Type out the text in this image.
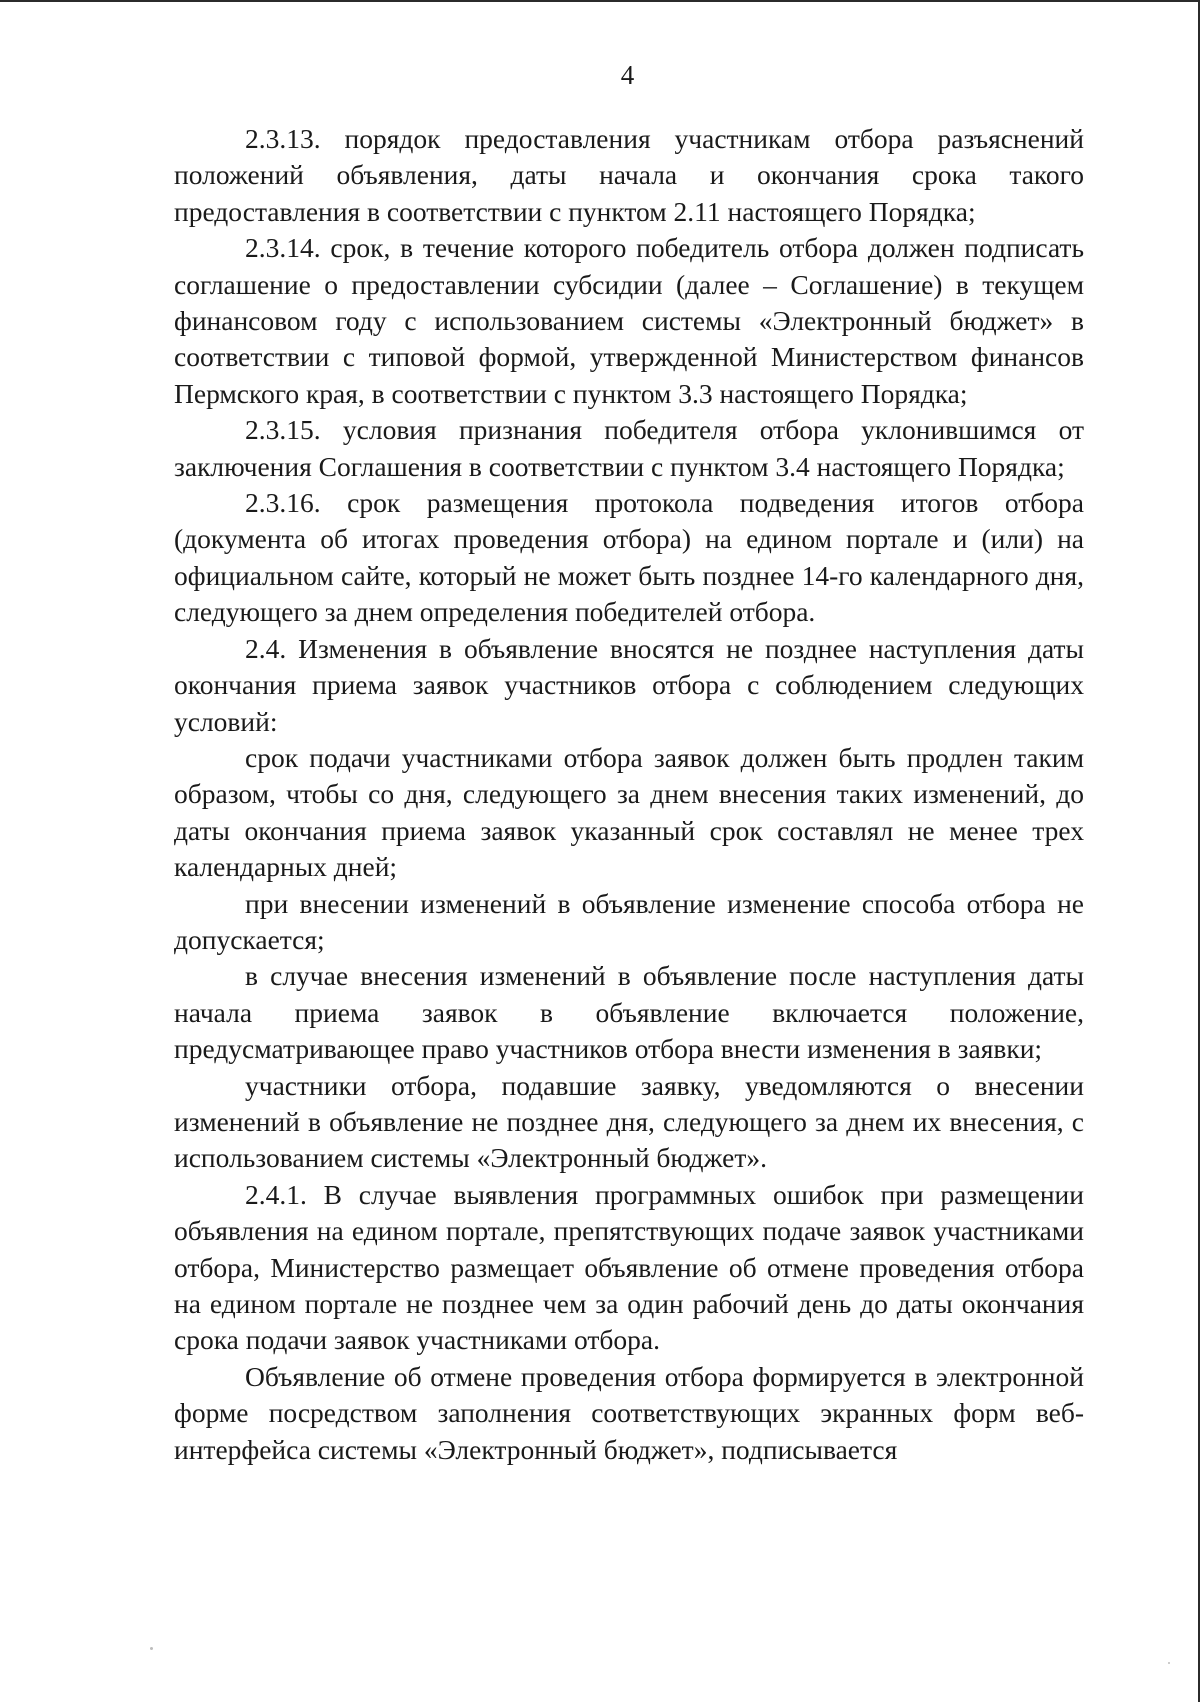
4

2.3.13. порядок предоставления участникам отбора разъяснений положений объявления, даты начала и окончания срока такого предоставления в соответствии с пунктом 2.11 настоящего Порядка;

2.3.14. срок, в течение которого победитель отбора должен подписать соглашение о предоставлении субсидии (далее – Соглашение) в текущем финансовом году с использованием системы «Электронный бюджет» в соответствии с типовой формой, утвержденной Министерством финансов Пермского края, в соответствии с пунктом 3.3 настоящего Порядка;

2.3.15. условия признания победителя отбора уклонившимся от заключения Соглашения в соответствии с пунктом 3.4 настоящего Порядка;

2.3.16. срок размещения протокола подведения итогов отбора (документа об итогах проведения отбора) на едином портале и (или) на официальном сайте, который не может быть позднее 14-го календарного дня, следующего за днем определения победителей отбора.

2.4. Изменения в объявление вносятся не позднее наступления даты окончания приема заявок участников отбора с соблюдением следующих условий:

срок подачи участниками отбора заявок должен быть продлен таким образом, чтобы со дня, следующего за днем внесения таких изменений, до даты окончания приема заявок указанный срок составлял не менее трех календарных дней;

при внесении изменений в объявление изменение способа отбора не допускается;

в случае внесения изменений в объявление после наступления даты начала приема заявок в объявление включается положение, предусматривающее право участников отбора внести изменения в заявки;

участники отбора, подавшие заявку, уведомляются о внесении изменений в объявление не позднее дня, следующего за днем их внесения, с использованием системы «Электронный бюджет».

2.4.1. В случае выявления программных ошибок при размещении объявления на едином портале, препятствующих подаче заявок участниками отбора, Министерство размещает объявление об отмене проведения отбора на едином портале не позднее чем за один рабочий день до даты окончания срока подачи заявок участниками отбора.

Объявление об отмене проведения отбора формируется в электронной форме посредством заполнения соответствующих экранных форм веб-интерфейса системы «Электронный бюджет», подписывается
